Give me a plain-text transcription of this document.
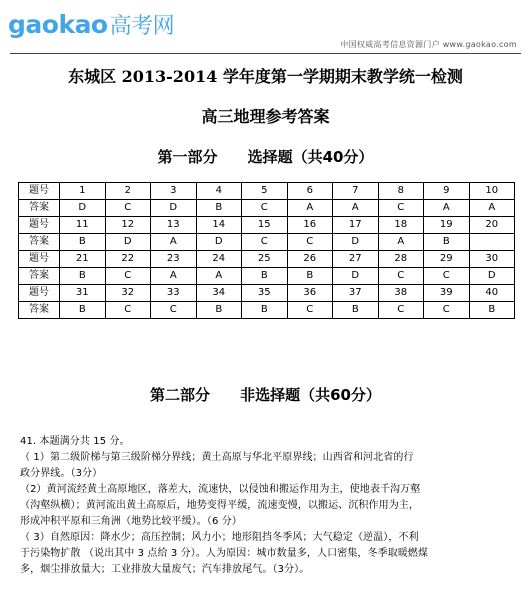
gaokao高考网
中国权威高考信息资源门户 www.gaokao.com
东城区 2013-2014 学年度第一学期期末教学统一检测
高三地理参考答案
第一部分 选择题（共40分）
题号	1	2	3	4	5	6	7	8	9	10
答案	D	C	D	B	C	A	A	C	A	A
题号	11	12	13	14	15	16	17	18	19	20
答案	B	D	A	D	C	C	D	A	B	
题号	21	22	23	24	25	26	27	28	29	30
答案	B	C	A	A	B	B	D	C	C	D
题号	31	32	33	34	35	36	37	38	39	40
答案	B	C	C	B	B	C	B	C	C	B
第二部分 非选择题（共60分）

41. 本题满分共 15 分。

（ 1）第二级阶梯与第三级阶梯分界线；黄土高原与华北平原界线；山西省和河北省的行

政分界线。（3分）

（2）黄河流经黄土高原地区，落差大，流速快，以侵蚀和搬运作用为主，使地表千沟万壑

（沟壑纵横）；黄河流出黄土高原后，地势变得平缓，流速变慢，以搬运、沉积作用为主，

形成冲积平原和三角洲（地势比较平缓）。（6 分）

（ 3）自然原因：降水少；高压控制；风力小；地形阻挡冬季风；大气稳定（逆温），不利

于污染物扩散 （说出其中 3 点给 3 分）。人为原因：城市数量多，人口密集，冬季取暖燃煤

多，烟尘排放量大；工业排放大量废气；汽车排放尾气。（3分）。
